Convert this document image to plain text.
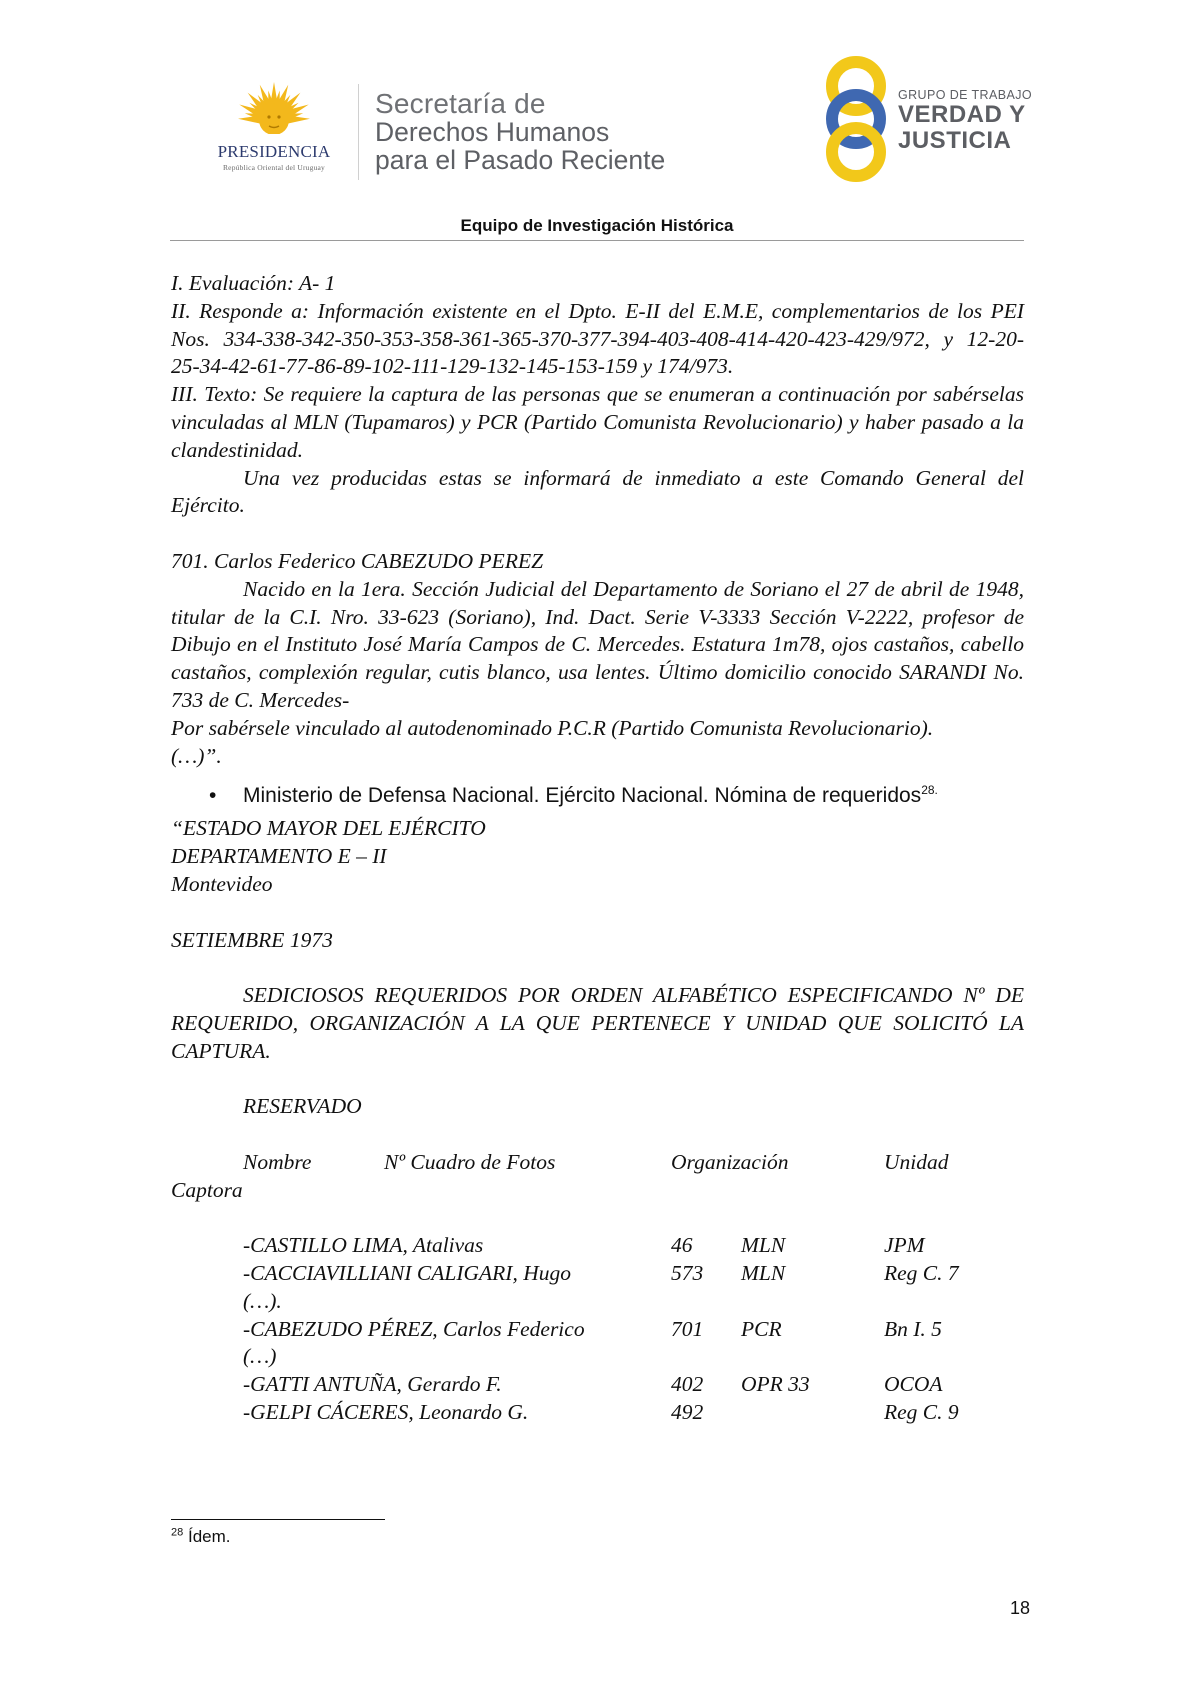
PRESIDENCIA
República Oriental del Uruguay
Secretaría de
Derechos Humanos
para el Pasado Reciente
GRUPO DE TRABAJO
VERDAD Y
JUSTICIA
Equipo de Investigación Histórica

I. Evaluación: A- 1

II. Responde a: Información existente en el Dpto. E-II del E.M.E, complementarios de los PEI Nos. 334-338-342-350-353-358-361-365-370-377-394-403-408-414-420-423-429/972, y 12-20-25-34-42-61-77-86-89-102-111-129-132-145-153-159 y 174/973.

III. Texto: Se requiere la captura de las personas que se enumeran a continuación por sabérselas vinculadas al MLN (Tupamaros) y PCR (Partido Comunista Revolucionario) y haber pasado a la clandestinidad.

Una vez producidas estas se informará de inmediato a este Comando General del Ejército.

701. Carlos Federico CABEZUDO PEREZ

Nacido en la 1era. Sección Judicial del Departamento de Soriano el 27 de abril de 1948, titular de la C.I. Nro. 33-623 (Soriano), Ind. Dact. Serie V-3333 Sección V-2222, profesor de Dibujo en el Instituto José María Campos de C. Mercedes. Estatura 1m78, ojos castaños, cabello castaños, complexión regular, cutis blanco, usa lentes. Último domicilio conocido SARANDI No. 733 de C. Mercedes-

Por sabérsele vinculado al autodenominado P.C.R (Partido Comunista Revolucionario).

(…)”.

• Ministerio de Defensa Nacional. Ejército Nacional. Nómina de requeridos$^{28.}$

“ESTADO MAYOR DEL EJÉRCITO

DEPARTAMENTO E – II

Montevideo

SETIEMBRE 1973

SEDICIOSOS REQUERIDOS POR ORDEN ALFABÉTICO ESPECIFICANDO Nº DE REQUERIDO, ORGANIZACIÓN A LA QUE PERTENECE Y UNIDAD QUE SOLICITÓ LA CAPTURA.

RESERVADO

Nombre	Nº Cuadro de Fotos	Organización	Unidad
Captora
-CASTILLO LIMA, Atalivas	46 MLN	JPM
-CACCIAVILLIANI CALIGARI, Hugo	573 MLN	Reg C. 7
(…).
-CABEZUDO PÉREZ, Carlos Federico	701 PCR	Bn I. 5
(…)
-GATTI ANTUÑA, Gerardo F.	402 OPR 33	OCOA
-GELPI CÁCERES, Leonardo G.	492	Reg C. 9
$^{28}$ Ídem.
18
